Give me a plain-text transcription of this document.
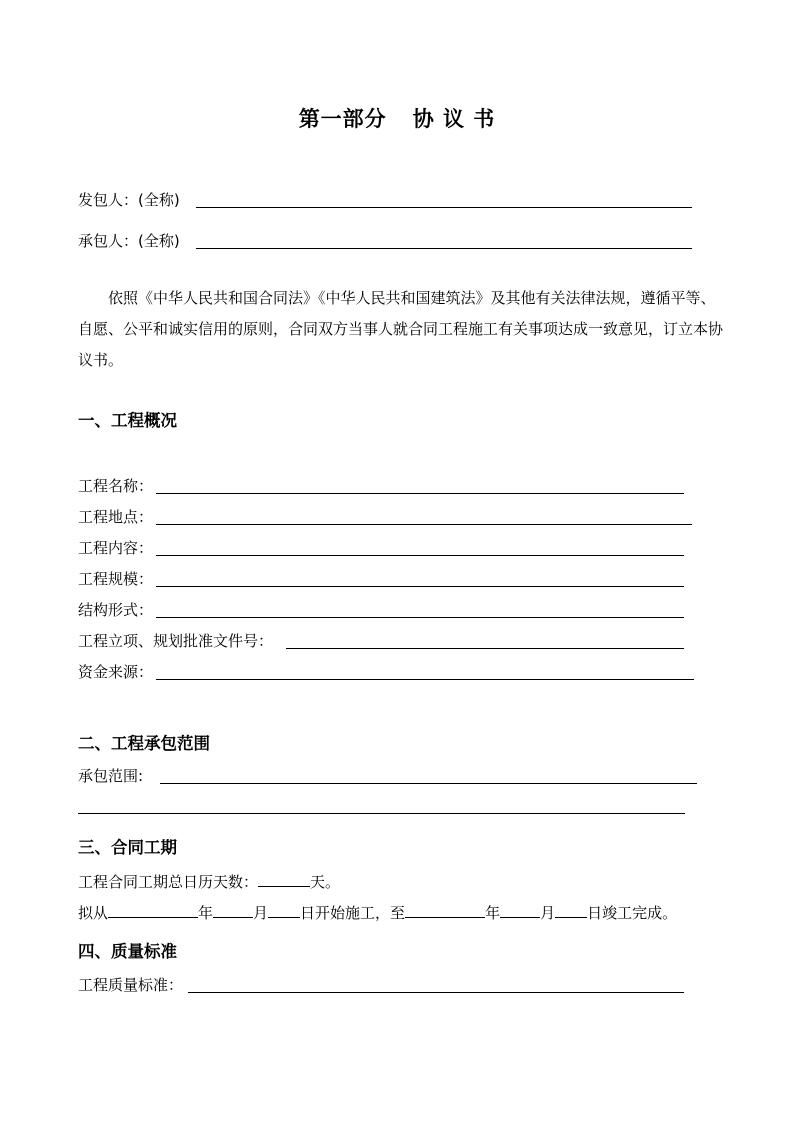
第一部分 协 议 书
发包人：(全称)
承包人：(全称)

依照《中华人民共和国合同法》《中华人民共和国建筑法》及其他有关法律法规，遵循平等、自愿、公平和诚实信用的原则，合同双方当事人就合同工程施工有关事项达成一致意见，订立本协议书。

一、工程概况
工程名称：
工程地点：
工程内容：
工程规模：
结构形式：
工程立项、规划批准文件号：
资金来源：
二、工程承包范围
承包范围:
三、合同工期
工程合同工期总日历天数：	天。
拟从	年	月 日开始施工，至	年	月 日竣工完成。
四、质量标准
工程质量标准：
